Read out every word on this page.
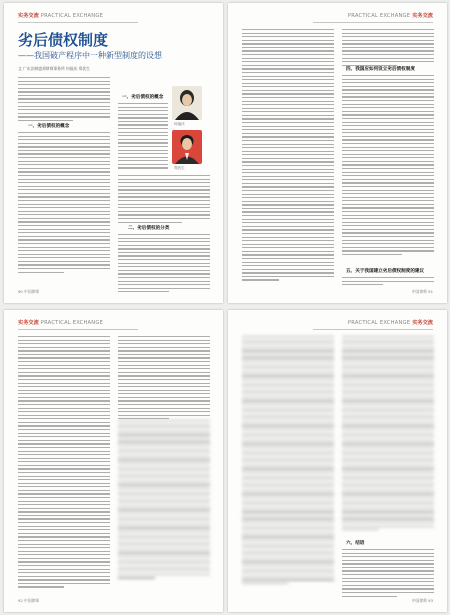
实务交流 PRACTICAL EXCHANGE
劣后债权制度
——我国破产程序中一种新型制度的设想
文 广东法制盛邦律师事务所 何福庆 郑伏生
一、劣后债权的概念	何福庆
郑伏生
一、劣后债权的概念
二、劣后债权的分类
90 中国律师
PRACTICAL EXCHANGE 实务交流
四、我国应如何设立劣后债权制度
五、关于我国建立劣后债权制度的建议
中国律师 91
实务交流 PRACTICAL EXCHANGE
92 中国律师
PRACTICAL EXCHANGE 实务交流
六、结语
中国律师 93
